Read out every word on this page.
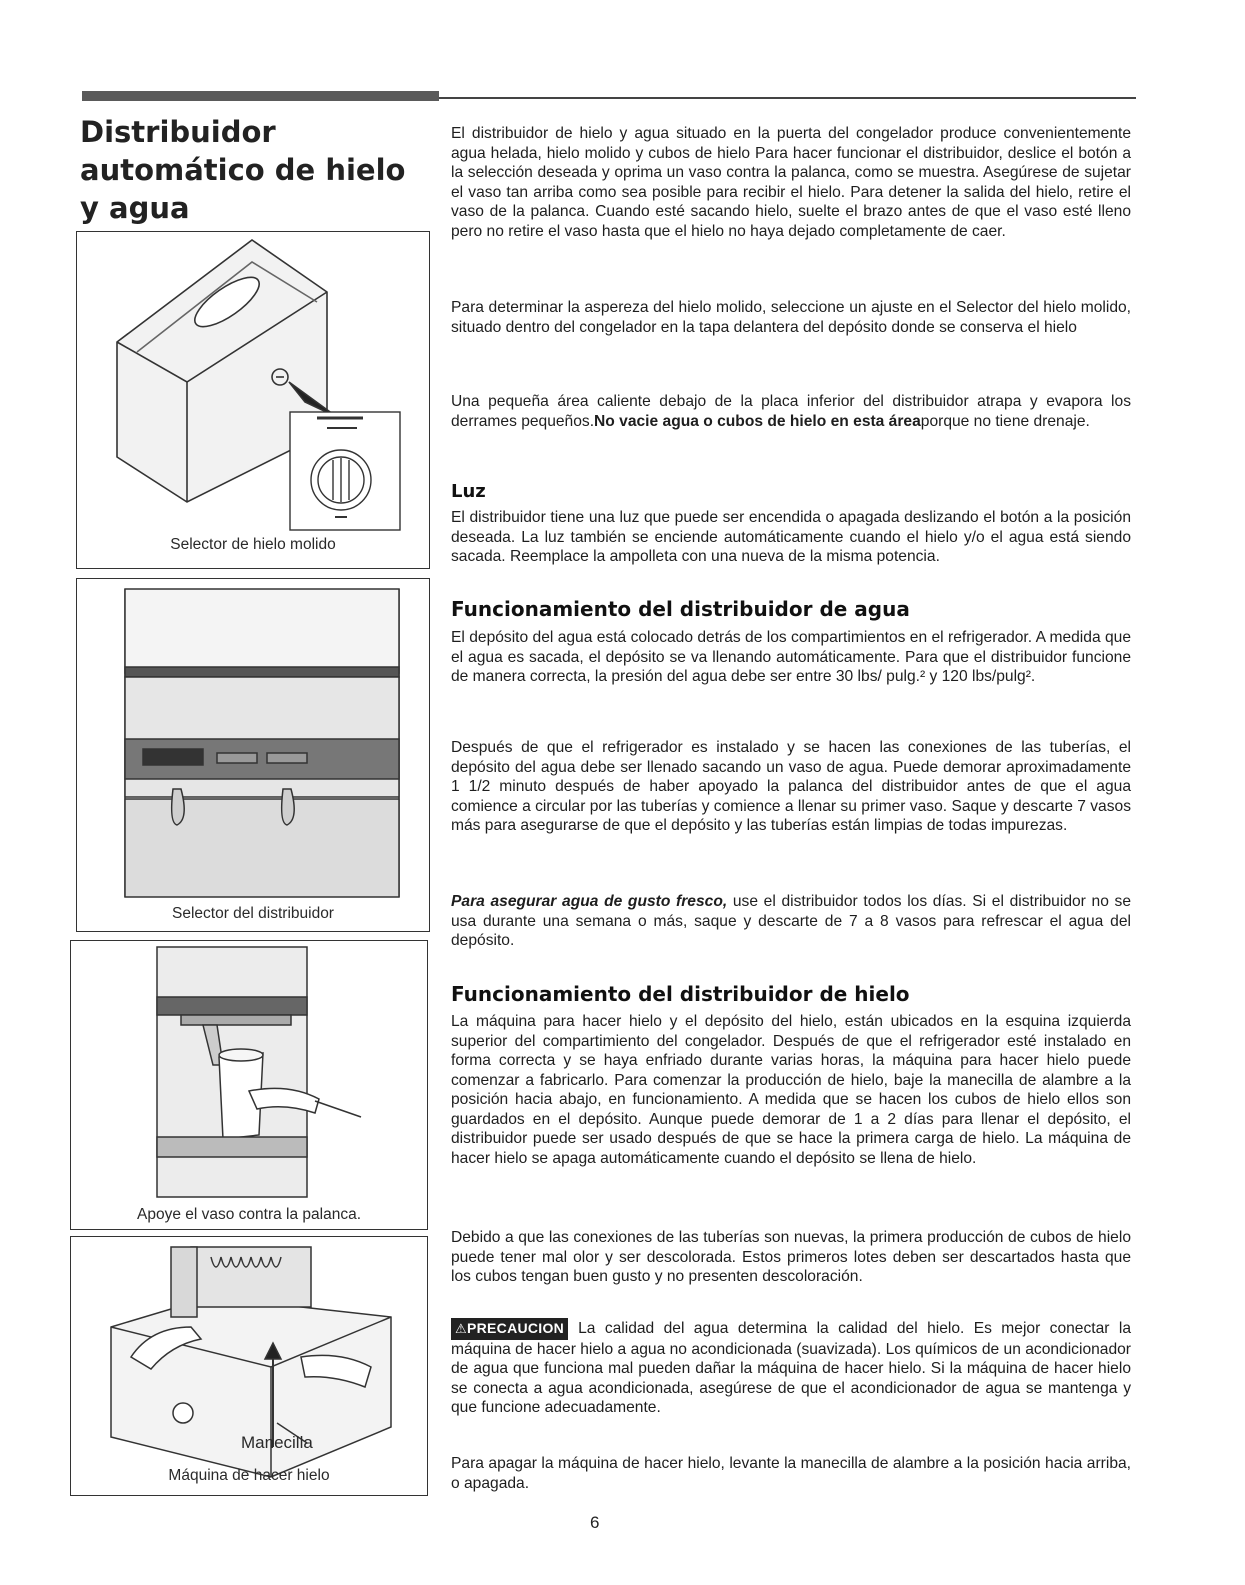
Distribuidor automático de hielo y agua
Selector de hielo molido
Selector del distribuidor
Apoye el vaso contra la palanca.
Manecilla
Máquina de hacer hielo

El distribuidor de hielo y agua situado en la puerta del congelador produce convenientemente agua helada, hielo molido y cubos de hielo Para hacer funcionar el distribuidor, deslice el botón a la selección deseada y oprima un vaso contra la palanca, como se muestra. Asegúrese de sujetar el vaso tan arriba como sea posible para recibir el hielo. Para detener la salida del hielo, retire el vaso de la palanca. Cuando esté sacando hielo, suelte el brazo antes de que el vaso esté lleno pero no retire el vaso hasta que el hielo no haya dejado completamente de caer.

Para determinar la aspereza del hielo molido, seleccione un ajuste en el Selector del hielo molido, situado dentro del congelador en la tapa delantera del depósito donde se conserva el hielo

Una pequeña área caliente debajo de la placa inferior del distribuidor atrapa y evapora los derrames pequeños.No vacie agua o cubos de hielo en esta áreaporque no tiene drenaje.

Luz

El distribuidor tiene una luz que puede ser encendida o apagada deslizando el botón a la posición deseada. La luz también se enciende automáticamente cuando el hielo y/o el agua está siendo sacada. Reemplace la ampolleta con una nueva de la misma potencia.

Funcionamiento del distribuidor de agua

El depósito del agua está colocado detrás de los compartimientos en el refrigerador. A medida que el agua es sacada, el depósito se va llenando automáticamente. Para que el distribuidor funcione de manera correcta, la presión del agua debe ser entre 30 lbs/ pulg.² y 120 lbs/pulg².

Después de que el refrigerador es instalado y se hacen las conexiones de las tuberías, el depósito del agua debe ser llenado sacando un vaso de agua. Puede demorar aproximadamente 1 1/2 minuto después de haber apoyado la palanca del distribuidor antes de que el agua comience a circular por las tuberías y comience a llenar su primer vaso. Saque y descarte 7 vasos más para asegurarse de que el depósito y las tuberías están limpias de todas impurezas.

Para asegurar agua de gusto fresco, use el distribuidor todos los días. Si el distribuidor no se usa durante una semana o más, saque y descarte de 7 a 8 vasos para refrescar el agua del depósito.

Funcionamiento del distribuidor de hielo

La máquina para hacer hielo y el depósito del hielo, están ubicados en la esquina izquierda superior del compartimiento del congelador. Después de que el refrigerador esté instalado en forma correcta y se haya enfriado durante varias horas, la máquina para hacer hielo puede comenzar a fabricarlo. Para comenzar la producción de hielo, baje la manecilla de alambre a la posición hacia abajo, en funcionamiento. A medida que se hacen los cubos de hielo ellos son guardados en el depósito. Aunque puede demorar de 1 a 2 días para llenar el depósito, el distribuidor puede ser usado después de que se hace la primera carga de hielo. La máquina de hacer hielo se apaga automáticamente cuando el depósito se llena de hielo.

Debido a que las conexiones de las tuberías son nuevas, la primera producción de cubos de hielo puede tener mal olor y ser descolorada. Estos primeros lotes deben ser descartados hasta que los cubos tengan buen gusto y no presenten descoloración.

⚠PRECAUCION La calidad del agua determina la calidad del hielo. Es mejor conectar la máquina de hacer hielo a agua no acondicionada (suavizada). Los químicos de un acondicionador de agua que funciona mal pueden dañar la máquina de hacer hielo. Si la máquina de hacer hielo se conecta a agua acondicionada, asegúrese de que el acondicionador de agua se mantenga y que funcione adecuadamente.

Para apagar la máquina de hacer hielo, levante la manecilla de alambre a la posición hacia arriba, o apagada.

6
